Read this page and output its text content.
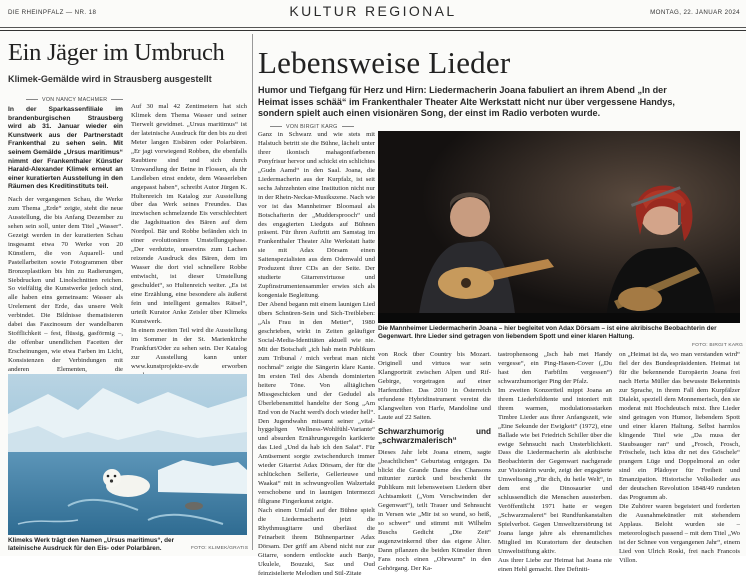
DIE RHEINPFALZ — NR. 18	KULTUR REGIONAL	MONTAG, 22. JANUAR 2024
Ein Jäger im Umbruch
Klimek-Gemälde wird in Strausberg ausgestellt
VON NANCY MACHMER

In der Sparkassenfiliale im brandenburgischen Strausberg wird ab 31. Januar wieder ein Kunstwerk aus der Partnerstadt Frankenthal zu sehen sein. Mit seinem Gemälde „Ursus maritimus“ nimmt der Frankenthaler Künstler Harald-Alexander Klimek erneut an einer kuratierten Ausstellung in den Räumen des Kreditinstituts teil.

Nach der vergangenen Schau, die Werke zum Thema „Erde“ zeigte, steht die neue Ausstellung, die bis Anfang Dezember zu sehen sein soll, unter dem Titel „Wasser“. Gezeigt werden in der kuratierten Schau insgesamt etwa 70 Werke von 20 Künstlern, die von Aquarell- und Pastellarbeiten sowie Fotogrammen über Bronzeplastiken bis hin zu Radierungen, Siebdrucken und Linolschnitten reichen. So vielfältig die Kunstwerke jedoch sind, alle haben eins gemeinsam: Wasser als Urelement der Erde, das unsere Welt verbindet. Die Bildnisse thematisieren dabei das Faszinosum der wandelbaren Stofflichkeit – fest, flüssig, gasförmig –, die offenbar unendlichen Facetten der Erscheinungen, wie etwa Farben im Licht, Konsistenzen der Verbindungen mit anderen Elementen, die

Auf 30 mal 42 Zentimetern hat sich Klimek dem Thema Wasser und seiner Tierwelt gewidmet. „Ursus maritimus“ ist der lateinische Ausdruck für den bis zu drei Meter langen Eisbären oder Polarbären. „Er jagt vorwiegend Robben, die ebenfalls Raubtiere sind und sich durch Umwandlung der Beine in Flossen, als ihr Landleben einst endete, dem Wasserleben angepasst haben“, schreibt Autor Jürgen K. Hultenreich im Katalog zur Ausstellung über das Werk seines Freundes. Das inzwischen schmelzende Eis verschlechtert die Jagdsituation des Bären auf dem Nordpol. Bär und Robbe befänden sich in einer evolutionären Umstellungsphase. „Der verdutzte, unsereins zum Lachen reizende Ausdruck des Bären, dem im Wasser die dort viel schnellere Robbe entwischt, ist dieser Umstellung geschuldet“, so Hultenreich weiter. „Es ist eine Erzählung, eine besondere als äußerst fein und intelligent gemaltes Rätsel“, urteilt Kurator Anke Zeisler über Klimeks Kunstwerk.

In einem zweiten Teil wird die Ausstellung im Sommer in der St. Marienkirche Frankfurt/Oder zu sehen sein. Der Katalog zur Ausstellung kann unter www.kunstprojekte-ev.de erworben

Klimeks Werk trägt den Namen „Ursus maritimus“, der lateinische Ausdruck für den Eis- oder Polarbären.	FOTO: KLIMEK/GRATIS
Lebensweise Lieder
Humor und Tiefgang für Herz und Hirn: Liedermacherin Joana fabuliert an ihrem Abend „In der Heimat isses schää“ im Frankenthaler Theater Alte Werkstatt nicht nur über vergessene Handys, sondern spielt auch einen visionären Song, der einst im Radio verboten wurde.
VON BIRGIT KARG

Ganz in Schwarz und wie stets mit Halstuch betritt sie die Bühne, lächelt unter ihrer ikonisch mahagonifarbenen Ponyfrisur hervor und schickt ein schlichtes „Gudn Aamd“ in den Saal. Joana, die Liedermacherin aus der Kurpfalz, ist seit sechs Jahrzehnten eine Institution nicht nur in der Rhein-Neckar-Musikszene. Nach wie vor ist das Mannheimer Bloomaul als Botschafterin der „Muddersprooch“ und des engagierten Liedguts auf Bühnen präsent. Für ihren Auftritt am Samstag im Frankenthaler Theater Alte Werkstatt hatte sie mit Adax Dörsam einen Saitenspezialisten aus dem Odenwald und Produzent ihrer CDs an der Seite. Der studierte Gitarrenvirtuose und Zupfinstrumentensammler erwies sich als kongeniale Begleitung.

Der Abend begann mit einem launigen Lied übers Schnüren-Sein und Sich-Treibleben: „Als Frau in den Metier“, 1980 geschrieben, wirkt in Zeiten geläufiger Social-Media-Identitäten aktuell wie nie. Mit der Botschaft „ich hab mein Publikum zum Tribunal / mich verbrat man nicht nochmal“ zeigte die Sängerin klare Kante. Im ersten Teil des Abends dominierten heitere Töne. Von alltäglichen Missgeschicken und der Gedudel als Überlebensmittel handelte der Song „Am End von de Nacht werd's doch wieder hell“. Den Jugendwahn mitsamt seiner „vital-hyggeligen Wellness-Wohlfühl-Variante“ und absurden Ernährungsregeln karikierte das Lied „Und da hab ich den Salat“. Für Amüsement sorgte zwischendurch immer wieder Gitarrist Adax Dörsam, der für die schlückchen Sellerie, Gellerieuwe und Waakai“ mit in schwungvollen Walzertakt verschobene und in launigen Intermezzi filigrane Fingerkunst zeigte.

Nach einem Umfall auf der Bühne spielt die Liedermacherin jetzt die Rhythmusgitarre und überlässt die Feinarbeit ihrem Bühnenpartner Adax Dörsam. Der griff am Abend nicht nur zur Gitarre, sondern entlockte auch Banjo, Ukulele, Bouzuki, Saz und Oud feinzisielierte Melodien und Stil-Zitate

Die Mannheimer Liedermacherin Joana – hier begleitet von Adax Dörsam – ist eine akribische Beobachterin der Gegenwart. Ihre Lieder sind getragen von liebendem Spott und einer klaren Haltung.
FOTO: BIRGIT KARG

von Rock über Country bis Mozart. Originell und virtuos war sein Klangporträt zwischen Alpen und Rif-Gebirge, vorgetragen auf einer Harfenzither. Das 2010 in Österreich erfundene Hybridinstrument vereint die Klangwelten von Harfe, Mandoline und Laute auf 22 Saiten.

Schwarzhumorig und „schwarzmalerisch“

Dieses Jahr lebt Joana einem, sagte „beachtlichen“ Geburtstag entgegen. Da blickt die Grande Dame des Chansons mitunter zurück und beschenkt ihr Publikum mit lebensweisen Liedern über Achtsamkeit („Vom Verschwinden der Gegenwart“), teilt Trauer und Sehnsucht in Versen wie „Mir ist so wund, so heiß, so schwer“ und stimmt mit Wilhelm Buschs Gedicht „Die Zeit“ augenzwinkernd über das eigene Älter. Dann pflanzen die beiden Künstler ihren Fans noch einen „Ohrwurm“ in den Gehörgang. Der Ka-

tastrophensong „Isch hab mei Handy vergesse“, ein Ping-Hasen-Cover („Du hast den Farbfilm vergessen“) schwarzhumoriger Ping der Pfalz.

Im zweiten Konzertteil mippt Joana an ihrem Liederbildtente und intoniert mit ihrem warmen, modulationsstarken Timbre Lieder aus ihrer Anfangszeit, wie „Eine Sekunde der Ewigkeit“ (1972), eine Ballade wie bei Friedrich Schiller über die ewige Sehnsucht nach Unsterblichkeit. Dass die Liedermacherin als akribische Beobachterin der Gegenwart nachgerade zur Visionärin wurde, zeigt der engagierte Umweltsong „Für dich, du heile Welt“, in dem erst die Dinosaurier und schlussendlich die Menschen aussterben. Veröffentlicht 1971 hatte er wegen „Schwarzmalerei“ bei Rundfunkanstalten Spielverbot. Gegen Umweltzerstörung ist Joana lange jahre als ehrenamtliches Mitglied im Kuratorium der deutschen Umweltstiftung aktiv.

Aus ihrer Liebe zur Heimat hat Joana nie einen Hehl gemacht. Ihre Definiti-

on „Heimat ist da, wo man verstanden wird“ fiel der des Bundespräsidenten. Heimat ist für die bekennende Europäerin Joana frei nach Herta Müller das bewusste Bekenntnis zur Sprache, in ihrem Fall dem Kurpfälzer Dialekt, speziell dem Monnemerisch, den sie moderat mit Hochdeutsch mixt. Ihre Lieder sind getragen von Humor, liebendem Spott und einer klaren Haltung. Selbst harmlos klingende Titel wie „Da muss der Staubsauger ran“ und „Frosch, Frosch, Fröschele, isch küss dir net des Göschele“ prangern Lüge und Doppelmoral an oder sind ein Plädoyer für Freiheit und Emanzipation. Historische Volkslieder aus der deutschen Revolution 1848/49 rundeten das Programm ab.

Die Zuhörer waren begeistert und forderten die Ausnahmekünstler mit stehendem Applaus. Beloht wurden sie – meteorologisch passend – mit dem Titel „Wo ist der Schnee von vergangenen Jahr“, einem Lied von Ulrich Roski, frei nach Francois Villon.
